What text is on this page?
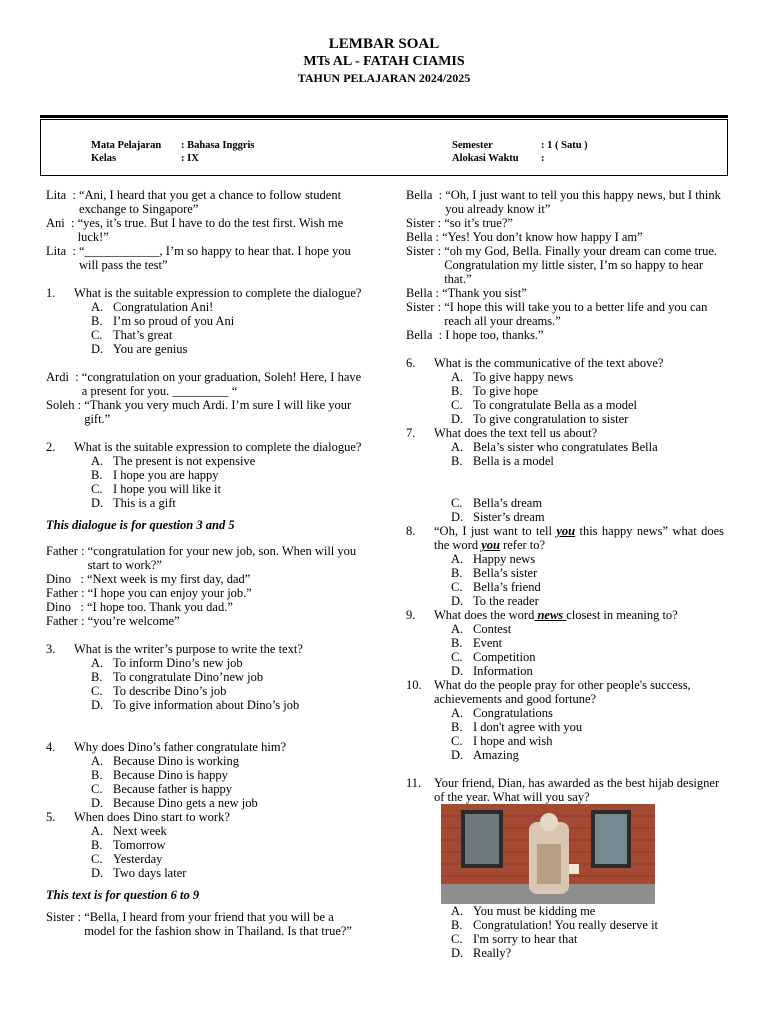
LEMBAR SOAL
MTs AL - FATAH CIAMIS
TAHUN PELAJARAN 2024/2025
Mata Pelajaran : Bahasa Inggris
Kelas	: IX
Semester	: 1 ( Satu )
Alokasi Waktu :
Lita  : “Ani, I heard that you get a chance to follow student exchange to Singapore”
Ani  : “yes, it’s true. But I have to do the test first. Wish me luck!”
Lita  : “____________, I’m so happy to hear that. I hope you will pass the test”
1.	What is the suitable expression to complete the dialogue?
A. Congratulation Ani!
B. I’m so proud of you Ani
C. That’s great
D. You are genius
Ardi  : “congratulation on your graduation, Soleh! Here, I have a present for you. _________ “
Soleh : “Thank you very much Ardi. I’m sure I will like your gift.”
2.	What is the suitable expression to complete the dialogue?
A. The present is not expensive
B. I hope you are happy
C. I hope you will like it
D. This is a gift

This dialogue is for question 3 and 5

Father : “congratulation for your new job, son. When will you start to work?”
Dino   : “Next week is my first day, dad”
Father : “I hope you can enjoy your job.”
Dino   : “I hope too. Thank you dad.”
Father : “you’re welcome”
3.	What is the writer’s purpose to write the text?
A. To inform Dino’s new job
B. To congratulate Dino’new job
C. To describe Dino’s job
D. To give information about Dino’s job
4.	Why does Dino’s father congratulate him?
A. Because Dino is working
B. Because Dino is happy
C. Because father is happy
D. Because Dino gets a new job
5.	When does Dino start to work?
A. Next week
B. Tomorrow
C. Yesterday
D. Two days later

This text is for question 6 to 9

Sister : “Bella, I heard from your friend that you will be a model for the fashion show in Thailand. Is that true?”
Bella  : “Oh, I just want to tell you this happy news, but I think you already know it”
Sister : “so it’s true?”
Bella : “Yes! You don’t know how happy I am”
Sister : “oh my God, Bella. Finally your dream can come true. Congratulation my little sister, I’m so happy to hear that.”
Bella : “Thank you sist”
Sister : “I hope this will take you to a better life and you can reach all your dreams.”
Bella  : I hope too, thanks.”
6.	What is the communicative of the text above?
A. To give happy news
B. To give hope
C. To congratulate Bella as a model
D. To give congratulation to sister
7.	What does the text tell us about?
A. Bela’s sister who congratulates Bella
B. Bella is a model
C. Bella’s dream
D. Sister’s dream
8.	“Oh, I just want to tell you this happy news” what does the word you refer to?
A. Happy news
B. Bella’s sister
C. Bella’s friend
D. To the reader
9.	What does the word news closest in meaning to?
A. Contest
B. Event
C. Competition
D. Information
10. What do the people pray for other people's success, achievements and good fortune?
A. Congratulations
B. I don't agree with you
C. I hope and wish
D. Amazing
11.	Your friend, Dian, has awarded as the best hijab designer of the year. What will you say?
A. You must be kidding me
B. Congratulation! You really deserve it
C. I'm sorry to hear that
D. Really?
